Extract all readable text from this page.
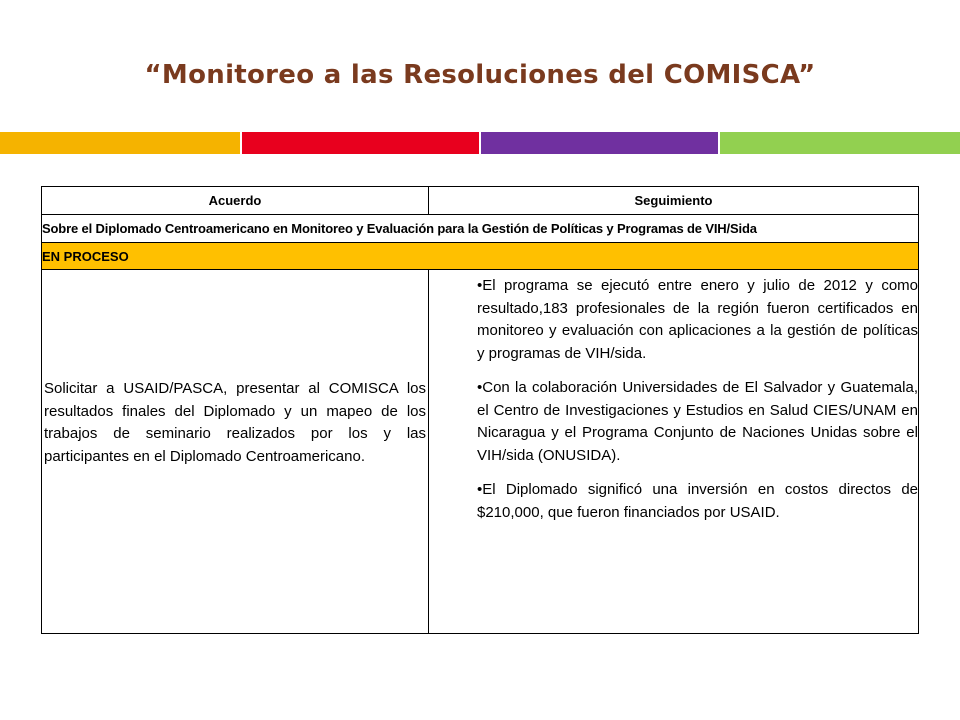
“Monitoreo a las Resoluciones del COMISCA”
Acuerdo	Seguimiento
Sobre el Diplomado Centroamericano en Monitoreo y Evaluación para la Gestión de Políticas y Programas de VIH/Sida	
EN PROCESO	

Solicitar a USAID/PASCA, presentar al COMISCA los resultados finales del Diplomado y un mapeo de los trabajos de seminario realizados por los y las participantes en el Diplomado Centroamericano.	•El programa se ejecutó entre enero y julio de 2012 y como resultado,183 profesionales de la región fueron certificados en monitoreo y evaluación con aplicaciones a la gestión de políticas y programas de VIH/sida.
•Con la colaboración Universidades de El Salvador y Guatemala, el Centro de Investigaciones y Estudios en Salud CIES/UNAM en Nicaragua y el Programa Conjunto de Naciones Unidas sobre el VIH/sida (ONUSIDA).
•El Diplomado significó una inversión en costos directos de $210,000, que fueron financiados por USAID.
